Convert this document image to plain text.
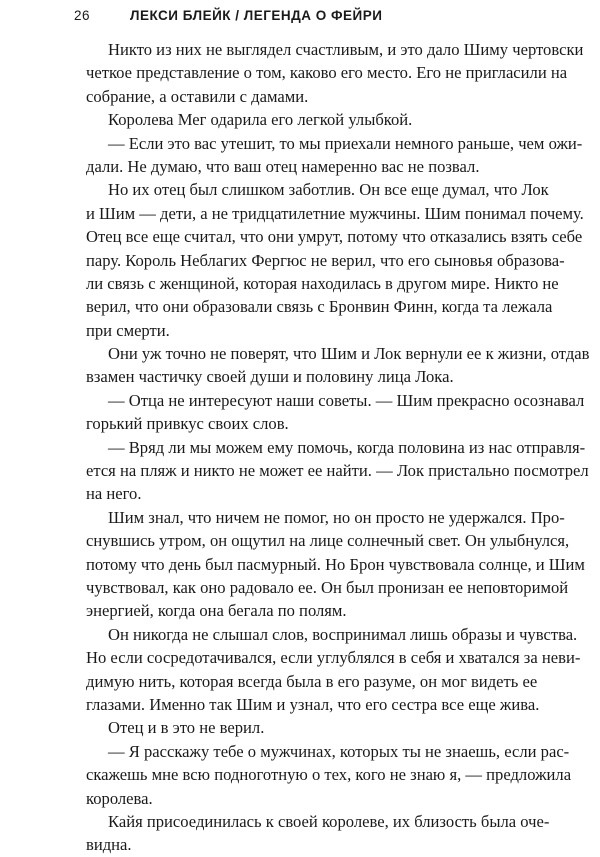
26	ЛЕКСИ БЛЕЙК / ЛЕГЕНДА О ФЕЙРИ
Никто из них не выглядел счастливым, и это дало Шиму чертовски
четкое представление о том, каково его место. Его не пригласили на
собрание, а оставили с дамами.
Королева Мег одарила его легкой улыбкой.
— Если это вас утешит, то мы приехали немного раньше, чем ожи-
дали. Не думаю, что ваш отец намеренно вас не позвал.
Но их отец был слишком заботлив. Он все еще думал, что Лок
и Шим — дети, а не тридцатилетние мужчины. Шим понимал почему.
Отец все еще считал, что они умрут, потому что отказались взять себе
пару. Король Неблагих Фергюс не верил, что его сыновья образова-
ли связь с женщиной, которая находилась в другом мире. Никто не
верил, что они образовали связь с Бронвин Финн, когда та лежала
при смерти.
Они уж точно не поверят, что Шим и Лок вернули ее к жизни, отдав
взамен частичку своей души и половину лица Лока.
— Отца не интересуют наши советы. — Шим прекрасно осознавал
горький привкус своих слов.
— Вряд ли мы можем ему помочь, когда половина из нас отправля-
ется на пляж и никто не может ее найти. — Лок пристально посмотрел
на него.
Шим знал, что ничем не помог, но он просто не удержался. Про-
снувшись утром, он ощутил на лице солнечный свет. Он улыбнулся,
потому что день был пасмурный. Но Брон чувствовала солнце, и Шим
чувствовал, как оно радовало ее. Он был пронизан ее неповторимой
энергией, когда она бегала по полям.
Он никогда не слышал слов, воспринимал лишь образы и чувства.
Но если сосредотачивался, если углублялся в себя и хватался за неви-
димую нить, которая всегда была в его разуме, он мог видеть ее
глазами. Именно так Шим и узнал, что его сестра все еще жива.
Отец и в это не верил.
— Я расскажу тебе о мужчинах, которых ты не знаешь, если рас-
скажешь мне всю подноготную о тех, кого не знаю я, — предложила
королева.
Кайя присоединилась к своей королеве, их близость была оче-
видна.
